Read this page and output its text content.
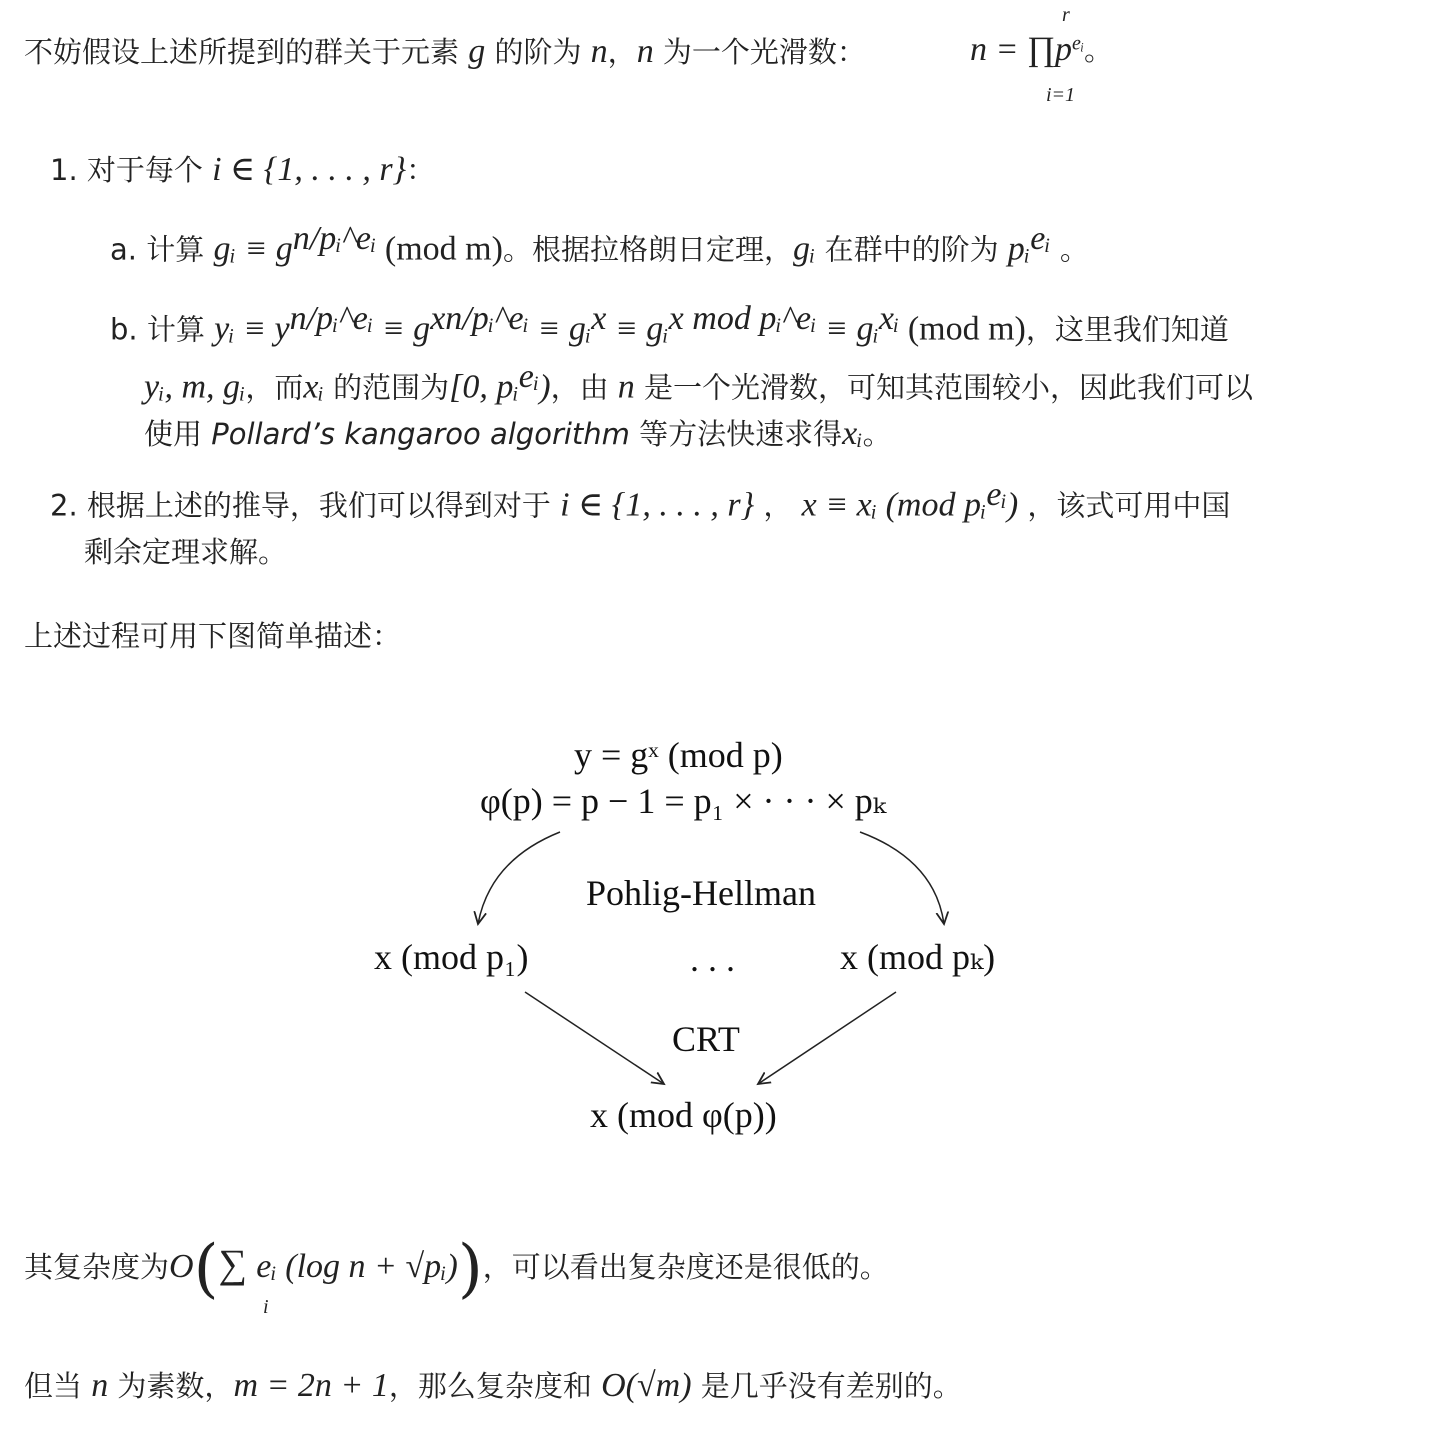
不妨假设上述所提到的群关于元素 g 的阶为 n，n 为一个光滑数：	$n = \prod p^{eᵢ}$。
r
i=1
1. 对于每个 i ∈ {1, . . . , r}：
a. 计算 gᵢ ≡ $g^{n/pᵢ\^{}eᵢ}$ (mod m)。根据拉格朗日定理，gᵢ 在群中的阶为 pᵢ$^{eᵢ}$ 。
b. 计算 yᵢ ≡ $y^{n/pᵢ\^{}eᵢ} \equiv g^{xn/pᵢ\^{}eᵢ}$ ≡ gᵢ$^x$ ≡ gᵢ$^{x mod pᵢ\^{}eᵢ}$ ≡ gᵢ$^{xᵢ}$ (mod m)，这里我们知道
yᵢ, m, gᵢ，而xᵢ 的范围为[0, pᵢ$^{eᵢ}$)，由 n 是一个光滑数，可知其范围较小，因此我们可以
使用 Pollard’s kangaroo algorithm 等方法快速求得xᵢ。
2. 根据上述的推导，我们可以得到对于 i ∈ {1, . . . , r} ， x ≡ xᵢ (mod pᵢ$^{eᵢ}$) ，该式可用中国
剩余定理求解。
上述过程可用下图简单描述：
y = gˣ (mod p)
φ(p) = p − 1 = p₁ × · · · × pₖ
Pohlig-Hellman
x (mod p₁)	. . .	x (mod pₖ)
CRT
x (mod φ(p))
其复杂度为O(∑ eᵢ (log n + √pᵢ))，可以看出复杂度还是很低的。
i
但当 n 为素数，m = 2n + 1，那么复杂度和 O(√m) 是几乎没有差别的。
